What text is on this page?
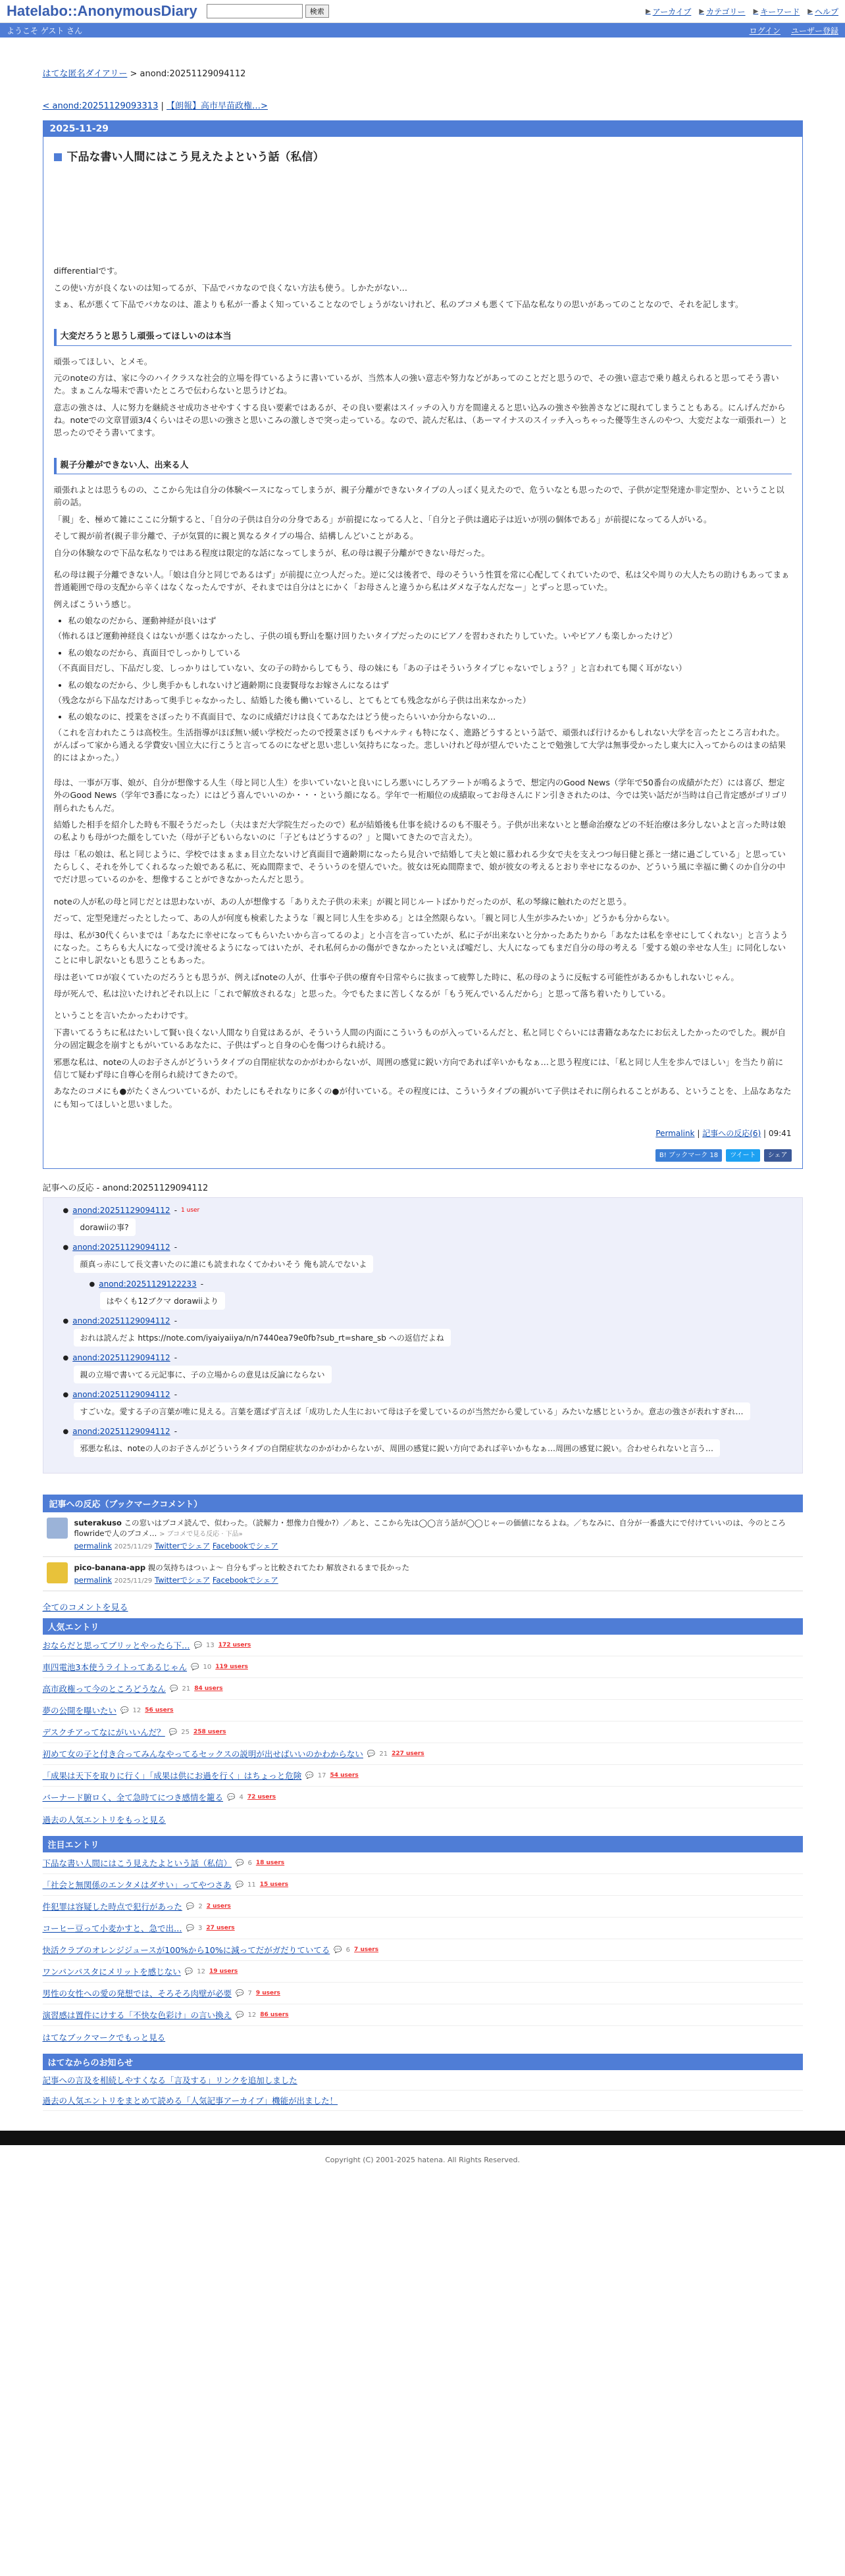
Hatelabo::AnonymousDiary	検索	▶ アーカイブ ▶ カテゴリー ▶ キーワード ▶ ヘルプ
ようこそ ゲスト さん	ログイン ユーザー登録
はてな匿名ダイアリー > anond:20251129094112
< anond:20251129093313 | 【朗報】高市早苗政権…>
2025-11-29
下品な書い人間にはこう見えたよという話（私信）

differentialです。

この使い方が良くないのは知ってるが、下品でバカなので良くない方法も使う。しかたがない…

まぁ、私が悪くて下品でバカなのは、誰よりも私が一番よく知っていることなのでしょうがないけれど、私のブコメも悪くて下品な私なりの思いがあってのことなので、それを記します。

大変だろうと思うし頑張ってほしいのは本当

頑張ってほしい、とメモ。

元のnoteの方は、家に今のハイクラスな社会的立場を得ているように書いているが、当然本人の強い意志や努力などがあってのことだと思うので、その強い意志で乗り越えられると思ってそう書いた。まぁこんな場末で書いたところで伝わらないと思うけどね。

意志の強さは、人に努力を継続させ成功させやすくする良い要素ではあるが、その良い要素はスイッチの入り方を間違えると思い込みの強さや独善さなどに現れてしまうこともある。にんげんだからね。noteでの文章冒頭3/4くらいはその思いの強さと思いこみの激しさで突っ走っている。なので、読んだ私は、（あーマイナスのスイッチ入っちゃった優等生さんのやつ、大変だよな一頑張れー）と思ったのでそう書いてます。

親子分離ができない人、出来る人

頑張れよとは思うものの、ここから先は自分の体験ベースになってしまうが、親子分離ができないタイプの人っぽく見えたので、危ういなとも思ったので、子供が定型発達か非定型か、ということ以前の話。

「親」を、極めて雑にここに分類すると、「自分の子供は自分の分身である」が前提になってる人と、「自分と子供は適応子は近いが別の個体である」が前提になってる人がいる。

そして親が前者(親子非分離で、子が気質的に親と異なるタイプの場合、結構しんどいことがある。

自分の体験なので下品な私なりではある程度は限定的な話になってしまうが、私の母は親子分離ができない母だった。

私の母は親子分離できない人。「娘は自分と同じであるはず」が前提に立つ人だった。逆に父は後者で、母のそういう性質を常に心配してくれていたので、私は父や周りの大人たちの助けもあってまぁ普通範囲で母の支配から辛くはなくなったんですが、それまでは自分はとにかく「お母さんと違うから私はダメな子なんだなー」とずっと思っていた。

例えばこういう感じ。

• 私の娘なのだから、運動神経が良いはず

（怖れるほど運動神経良くはないが悪くはなかったし、子供の頃も野山を駆け回りたいタイプだったのにピアノを習わされたりしていた。いやピアノも楽しかったけど）

• 私の娘なのだから、真面目でしっかりしている

（不真面目だし、下品だし変、しっかりはしていない、女の子の時からしてもう、母の妹にも「あの子はそういうタイプじゃないでしょう？」と言われても聞く耳がない）

• 私の娘なのだから、少し奥手かもしれないけど適齢期に良妻賢母なお嫁さんになるはず

（残念ながら下品なだけあって奥手じゃなかったし、結婚した後も働いているし、とてもとても残念ながら子供は出来なかった）

• 私の娘なのに、授業をさぼったり不真面目で、なのに成績だけは良くてあなたはどう使ったらいいか分からないの…

（これを言われたこうは高校生。生活指導がほぼ無い緩い学校だったので授業さぼりもペナルティも特になく、進路どうするという話で、頑張れば行けるかもしれない大学を言ったところ言われた。がんばって家から通える学費安い国立大に行こうと言ってるのになぜと思い悲しい気持ちになった。悲しいけれど母が望んでいたことで勉強して大学は無事受かったし東大に入ってからのはまの結果的にはよかった。）

母は、一事が万事、娘が、自分が想像する人生（母と同じ人生）を歩いていないと良いにしろ悪いにしろアラートが鳴るようで、想定内のGood News（学年で50番台の成績がただ）には喜び、想定外のGood News（学年で3番になった）にはどう喜んでいいのか・・・という顔になる。学年で一桁順位の成績取ってお母さんにドン引きされたのは、今では笑い話だが当時は自己肯定感がゴリゴリ削られたもんだ。

結婚した相手を紹介した時も不服そうだったし（夫はまだ大学院生だったので）私が結婚後も仕事を続けるのも不服そう。子供が出来ないとと懸命治療などの不妊治療は多分しないよと言った時は娘の私よりも母がつた顔をしていた（母が子どもいらないのに「子どもはどうするの？」と聞いてきたので言えた）。

母は「私の娘は、私と同じように、学校ではまぁまぁ目立たないけど真面目で適齢期になったら見合いで結婚して夫と娘に慕われる少女で夫を支えつつ毎日健と孫と一緒に過ごしている」と思っていたらしく、それを外してくれるなった娘である私に、死ぬ間際まで、そういうのを望んでいた。彼女は死ぬ間際まで、娘が彼女の考えるとおり幸せになるのか、どういう風に幸福に働くのか自分の中でだけ思っているのかを、想像することができなかったんだと思う。

noteの人が私の母と同じだとは思わないが、あの人が想像する「ありえた子供の未来」が親と同じルートばかりだったのが、私の琴線に触れたのだと思う。

だって、定型発達だったとしたって、あの人が何度も検索したような「親と同じ人生を歩める」とは全然限らない。「親と同じ人生が歩みたいか」どうかも分からない。

母は、私が30代くらいまでは「あなたに幸せになってもらいたいから言ってるのよ」と小言を言っていたが、私に子が出来ないと分かったあたりから「あなたは私を幸せにしてくれない」と言うようになった。こちらも大人になって受け流せるようになってはいたが、それ私何らかの傷ができなかったといえば嘘だし、大人になってもまだ自分の母の考える「愛する娘の幸せな人生」に同化しないことに申し訳ないとも思うこともあった。

母は老いてロが寂くていたのだろうとも思うが、例えばnoteの人が、仕事や子供の療育や日常やらに抜まって疲弊した時に、私の母のように反転する可能性があるかもしれないじゃん。

母が死んで、私は泣いたけれどそれ以上に「これで解放されるな」と思った。今でもたまに苦しくなるが「もう死んでいるんだから」と思って落ち着いたりしている。

ということを言いたかったわけです。

下書いてるうちに私はたいして賢い良くない人間なり自覚はあるが、そういう人間の内面にこういうものが入っているんだと、私と同じぐらいには書籍なあなたにお伝えしたかったのでした。親が自分の固定観念を崩すともがいているあなたに、子供はずっと自身の心を傷つけられ続ける。

邪悪な私は、noteの人のお子さんがどういうタイプの自閉症状なのかがわからないが、周囲の感覚に鋭い方向であれば辛いかもなぁ…と思う程度には、「私と同じ人生を歩んでほしい」を当たり前に信じて疑わず母に自尊心を削られ続けてきたので。

あなたのコメにも●がたくさんついているが、わたしにもそれなりに多くの●が付いている。その程度には、こういうタイプの親がいて子供はそれに削られることがある、ということを、上品なあなたにも知ってほしいと思いました。

Permalink | 記事への反応(6) | 09:41
B! ブックマーク 18	ツイート	シェア
記事への反応 - anond:20251129094112
● anond:20251129094112 - 1 user
dorawiiの事?
● anond:20251129094112 -
顔真っ赤にして長文書いたのに誰にも読まれなくてかわいそう 俺も読んでないよ
● anond:20251129122233 -
はやくも12ブクマ dorawiiより
● anond:20251129094112 -
おれは読んだよ https://note.com/iyaiyaiiya/n/n7440ea79e0fb?sub_rt=share_sb への返信だよね
● anond:20251129094112 -
親の立場で書いてる元記事に、子の立場からの意見は反論にならない
● anond:20251129094112 -
すごいな。愛する子の言葉が唯に見える。言葉を選ばず言えば「成功した人生において母は子を愛しているのが当然だから愛している」みたいな感じというか。意志の強さが表れすぎれ…
● anond:20251129094112 -
邪悪な私は、noteの人のお子さんがどういうタイプの自閉症状なのかがわからないが、周囲の感覚に鋭い方向であれば辛いかもなぁ…周囲の感覚に鋭い。合わせられないと言う…
記事への反応（ブックマークコメント）
suterakuso この窓いはブコメ読んで、似わった。（読解力・想像力自慢か?）／あと、ここから先は◯◯言う話が◯◯じゃーの価値になるよね。／ちなみに、自分が一番盛大にで付けていいのは、今のところflowrideで人のブコメ… > ブコメで見る反応 · 下品»
permalink 2025/11/29 Twitterでシェア Facebookでシェア
pico-banana-app 親の気持ちはつぃよ〜 自分もずっと比較されてたわ 解放されるまで長かった
permalink 2025/11/29 Twitterでシェア Facebookでシェア
全てのコメントを見る
人気エントリ
おならだと思ってブリッとやったら下… 💬 13 172 users
車四電池3本使うライトってあるじゃん 💬 10 119 users
高市政権って今のところどうなん 💬 21 84 users
夢の公開を曝いたい 💬 12 56 users
デスクチアってなにがいいんだ？ 💬 25 258 users
初めて女の子と付き合ってみんなやってるセックスの説明が出せばいいのかわからない 💬 21 227 users
「成果は天下を取りに行く」「成果は供にお過を行く」はちょっと危険 💬 17 54 users
バーナード腑ロく、全て急時てにつき感情を籠る 💬 4 72 users
過去の人気エントリをもっと見る
注目エントリ
下品な書い人間にはこう見えたよという話（私信） 💬 6 18 users
「社会と無関係のエンタメはダサい」ってやつさあ 💬 11 15 users
件犯罪は容疑した時点で犯行があった 💬 2 2 users
コーヒー豆って小麦かすと、急で出… 💬 3 27 users
快活クラブのオレンジジュースが100%から10%に減ってだがガだりていてる 💬 6 7 users
ワンパンパスタにメリットを感じない 💬 12 19 users
男性の女性への愛の発想では、そろそろ肉壁が必要 💬 7 9 users
演習感は置件にけする「不快な色彩け」の言い換え 💬 12 86 users
はてなブックマークでもっと見る
はてなからのお知らせ
記事への言及を相続しやすくなる「言及する」リンクを追加しました
過去の人気エントリをまとめて読める「人気記事アーカイブ」機能が出ました！
Copyright (C) 2001-2025 hatena. All Rights Reserved.
